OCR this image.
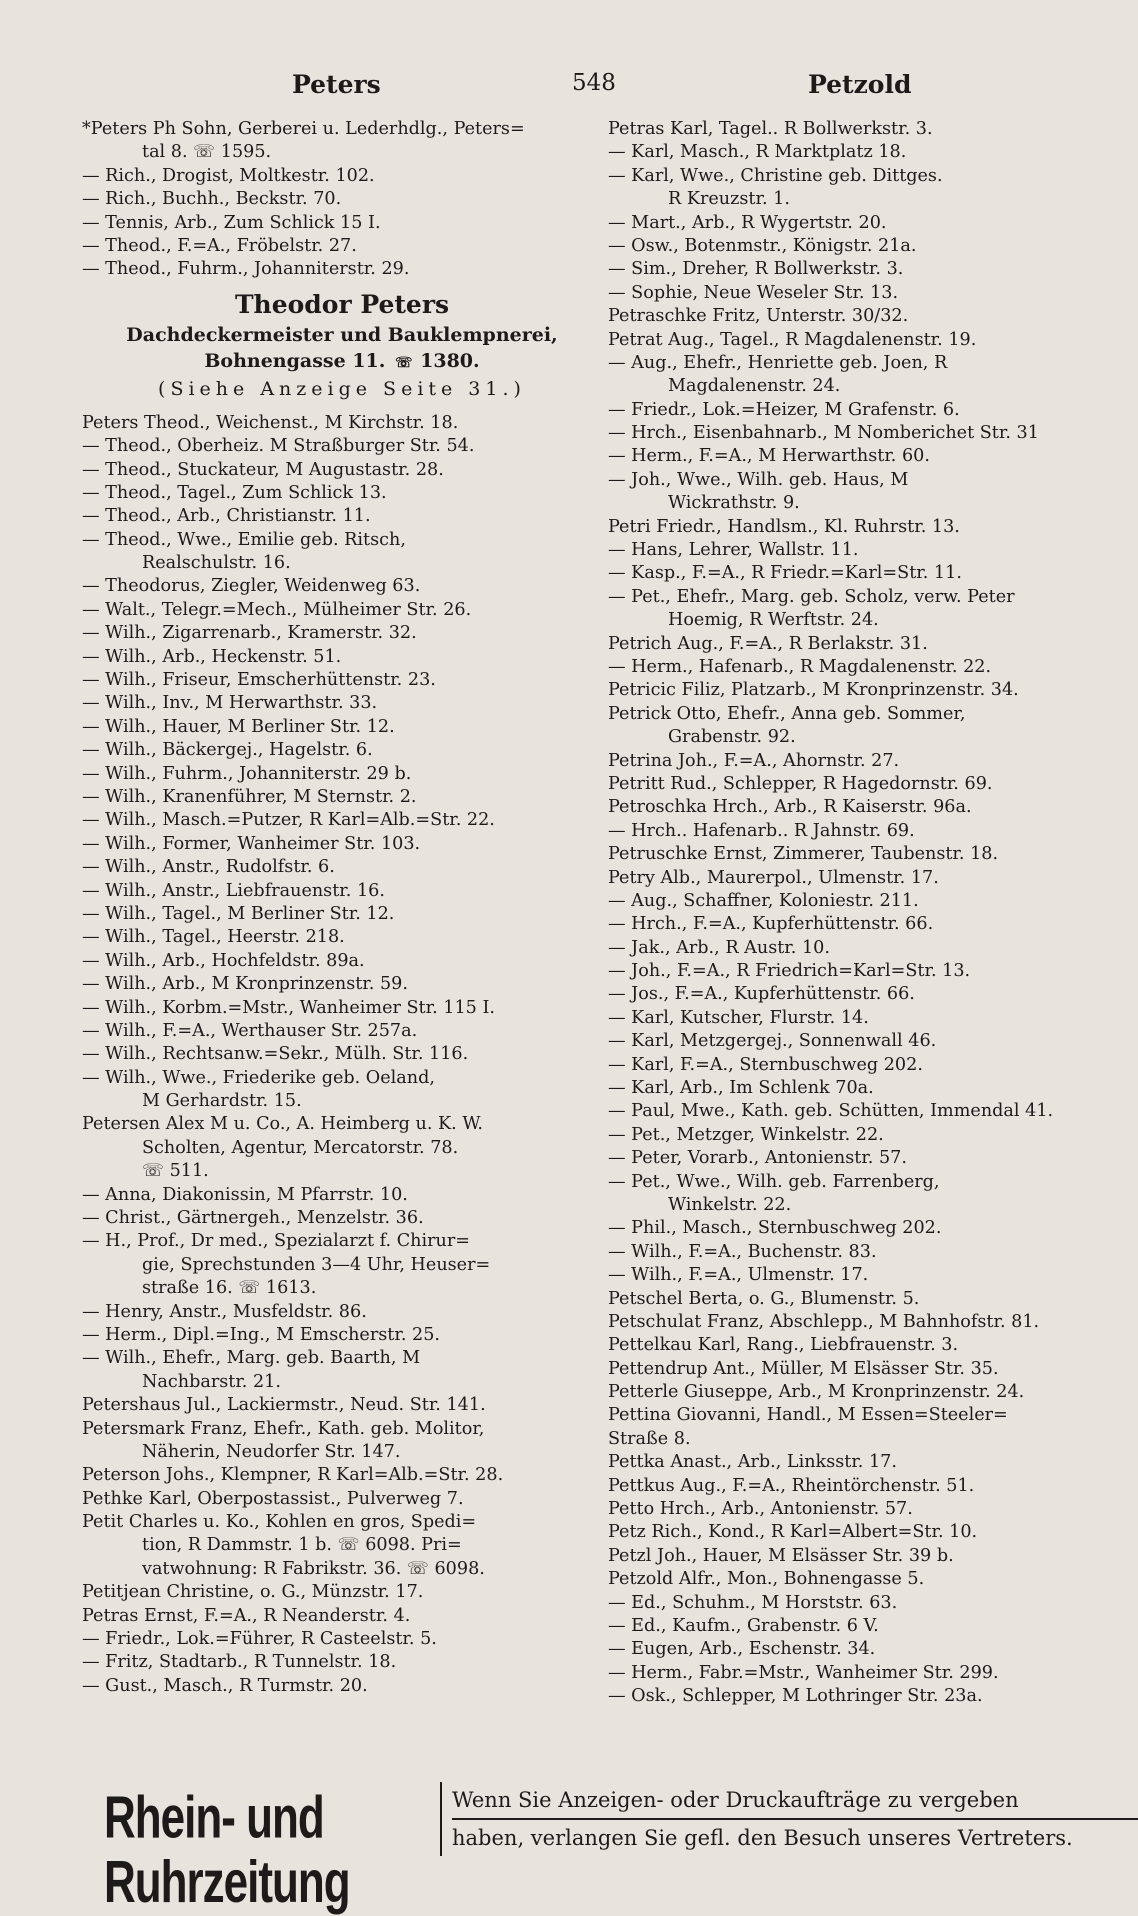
Peters	548	Petzold
*Peters Ph Sohn, Gerberei u. Lederhdlg., Peters=
tal 8. ☏ 1595.
— Rich., Drogist, Moltkestr. 102.
— Rich., Buchh., Beckstr. 70.
— Tennis, Arb., Zum Schlick 15 I.
— Theod., F.=A., Fröbelstr. 27.
— Theod., Fuhrm., Johanniterstr. 29.
Theodor Peters
Dachdeckermeister und Bauklempnerei,
Bohnengasse 11. ☏ 1380.
(Siehe Anzeige Seite 31.)
Peters Theod., Weichenst., M Kirchstr. 18.
— Theod., Oberheiz. M Straßburger Str. 54.
— Theod., Stuckateur, M Augustastr. 28.
— Theod., Tagel., Zum Schlick 13.
— Theod., Arb., Christianstr. 11.
— Theod., Wwe., Emilie geb. Ritsch,
Realschulstr. 16.
— Theodorus, Ziegler, Weidenweg 63.
— Walt., Telegr.=Mech., Mülheimer Str. 26.
— Wilh., Zigarrenarb., Kramerstr. 32.
— Wilh., Arb., Heckenstr. 51.
— Wilh., Friseur, Emscherhüttenstr. 23.
— Wilh., Inv., M Herwarthstr. 33.
— Wilh., Hauer, M Berliner Str. 12.
— Wilh., Bäckergej., Hagelstr. 6.
— Wilh., Fuhrm., Johanniterstr. 29 b.
— Wilh., Kranenführer, M Sternstr. 2.
— Wilh., Masch.=Putzer, R Karl=Alb.=Str. 22.
— Wilh., Former, Wanheimer Str. 103.
— Wilh., Anstr., Rudolfstr. 6.
— Wilh., Anstr., Liebfrauenstr. 16.
— Wilh., Tagel., M Berliner Str. 12.
— Wilh., Tagel., Heerstr. 218.
— Wilh., Arb., Hochfeldstr. 89a.
— Wilh., Arb., M Kronprinzenstr. 59.
— Wilh., Korbm.=Mstr., Wanheimer Str. 115 I.
— Wilh., F.=A., Werthauser Str. 257a.
— Wilh., Rechtsanw.=Sekr., Mülh. Str. 116.
— Wilh., Wwe., Friederike geb. Oeland,
M Gerhardstr. 15.
Petersen Alex M u. Co., A. Heimberg u. K. W.
Scholten, Agentur, Mercatorstr. 78.
☏ 511.
— Anna, Diakonissin, M Pfarrstr. 10.
— Christ., Gärtnergeh., Menzelstr. 36.
— H., Prof., Dr med., Spezialarzt f. Chirur=
gie, Sprechstunden 3—4 Uhr, Heuser=
straße 16. ☏ 1613.
— Henry, Anstr., Musfeldstr. 86.
— Herm., Dipl.=Ing., M Emscherstr. 25.
— Wilh., Ehefr., Marg. geb. Baarth, M
Nachbarstr. 21.
Petershaus Jul., Lackiermstr., Neud. Str. 141.
Petersmark Franz, Ehefr., Kath. geb. Molitor,
Näherin, Neudorfer Str. 147.
Peterson Johs., Klempner, R Karl=Alb.=Str. 28.
Pethke Karl, Oberpostassist., Pulverweg 7.
Petit Charles u. Ko., Kohlen en gros, Spedi=
tion, R Dammstr. 1 b. ☏ 6098. Pri=
vatwohnung: R Fabrikstr. 36. ☏ 6098.
Petitjean Christine, o. G., Münzstr. 17.
Petras Ernst, F.=A., R Neanderstr. 4.
— Friedr., Lok.=Führer, R Casteelstr. 5.
— Fritz, Stadtarb., R Tunnelstr. 18.
— Gust., Masch., R Turmstr. 20.
Petras Karl, Tagel.. R Bollwerkstr. 3.
— Karl, Masch., R Marktplatz 18.
— Karl, Wwe., Christine geb. Dittges.
R Kreuzstr. 1.
— Mart., Arb., R Wygertstr. 20.
— Osw., Botenmstr., Königstr. 21a.
— Sim., Dreher, R Bollwerkstr. 3.
— Sophie, Neue Weseler Str. 13.
Petraschke Fritz, Unterstr. 30/32.
Petrat Aug., Tagel., R Magdalenenstr. 19.
— Aug., Ehefr., Henriette geb. Joen, R
Magdalenenstr. 24.
— Friedr., Lok.=Heizer, M Grafenstr. 6.
— Hrch., Eisenbahnarb., M Nomberichet Str. 31
— Herm., F.=A., M Herwarthstr. 60.
— Joh., Wwe., Wilh. geb. Haus, M
Wickrathstr. 9.
Petri Friedr., Handlsm., Kl. Ruhrstr. 13.
— Hans, Lehrer, Wallstr. 11.
— Kasp., F.=A., R Friedr.=Karl=Str. 11.
— Pet., Ehefr., Marg. geb. Scholz, verw. Peter
Hoemig, R Werftstr. 24.
Petrich Aug., F.=A., R Berlakstr. 31.
— Herm., Hafenarb., R Magdalenenstr. 22.
Petricic Filiz, Platzarb., M Kronprinzenstr. 34.
Petrick Otto, Ehefr., Anna geb. Sommer,
Grabenstr. 92.
Petrina Joh., F.=A., Ahornstr. 27.
Petritt Rud., Schlepper, R Hagedornstr. 69.
Petroschka Hrch., Arb., R Kaiserstr. 96a.
— Hrch.. Hafenarb.. R Jahnstr. 69.
Petruschke Ernst, Zimmerer, Taubenstr. 18.
Petry Alb., Maurerpol., Ulmenstr. 17.
— Aug., Schaffner, Koloniestr. 211.
— Hrch., F.=A., Kupferhüttenstr. 66.
— Jak., Arb., R Austr. 10.
— Joh., F.=A., R Friedrich=Karl=Str. 13.
— Jos., F.=A., Kupferhüttenstr. 66.
— Karl, Kutscher, Flurstr. 14.
— Karl, Metzgergej., Sonnenwall 46.
— Karl, F.=A., Sternbuschweg 202.
— Karl, Arb., Im Schlenk 70a.
— Paul, Mwe., Kath. geb. Schütten, Immendal 41.
— Pet., Metzger, Winkelstr. 22.
— Peter, Vorarb., Antonienstr. 57.
— Pet., Wwe., Wilh. geb. Farrenberg,
Winkelstr. 22.
— Phil., Masch., Sternbuschweg 202.
— Wilh., F.=A., Buchenstr. 83.
— Wilh., F.=A., Ulmenstr. 17.
Petschel Berta, o. G., Blumenstr. 5.
Petschulat Franz, Abschlepp., M Bahnhofstr. 81.
Pettelkau Karl, Rang., Liebfrauenstr. 3.
Pettendrup Ant., Müller, M Elsässer Str. 35.
Petterle Giuseppe, Arb., M Kronprinzenstr. 24.
Pettina Giovanni, Handl., M Essen=Steeler=
Straße 8.
Pettka Anast., Arb., Linksstr. 17.
Pettkus Aug., F.=A., Rheintörchenstr. 51.
Petto Hrch., Arb., Antonienstr. 57.
Petz Rich., Kond., R Karl=Albert=Str. 10.
Petzl Joh., Hauer, M Elsässer Str. 39 b.
Petzold Alfr., Mon., Bohnengasse 5.
— Ed., Schuhm., M Horststr. 63.
— Ed., Kaufm., Grabenstr. 6 V.
— Eugen, Arb., Eschenstr. 34.
— Herm., Fabr.=Mstr., Wanheimer Str. 299.
— Osk., Schlepper, M Lothringer Str. 23a.
Rhein- und Ruhrzeitung
Wenn Sie Anzeigen- oder Druckaufträge zu vergeben
haben, verlangen Sie gefl. den Besuch unseres Vertreters.
